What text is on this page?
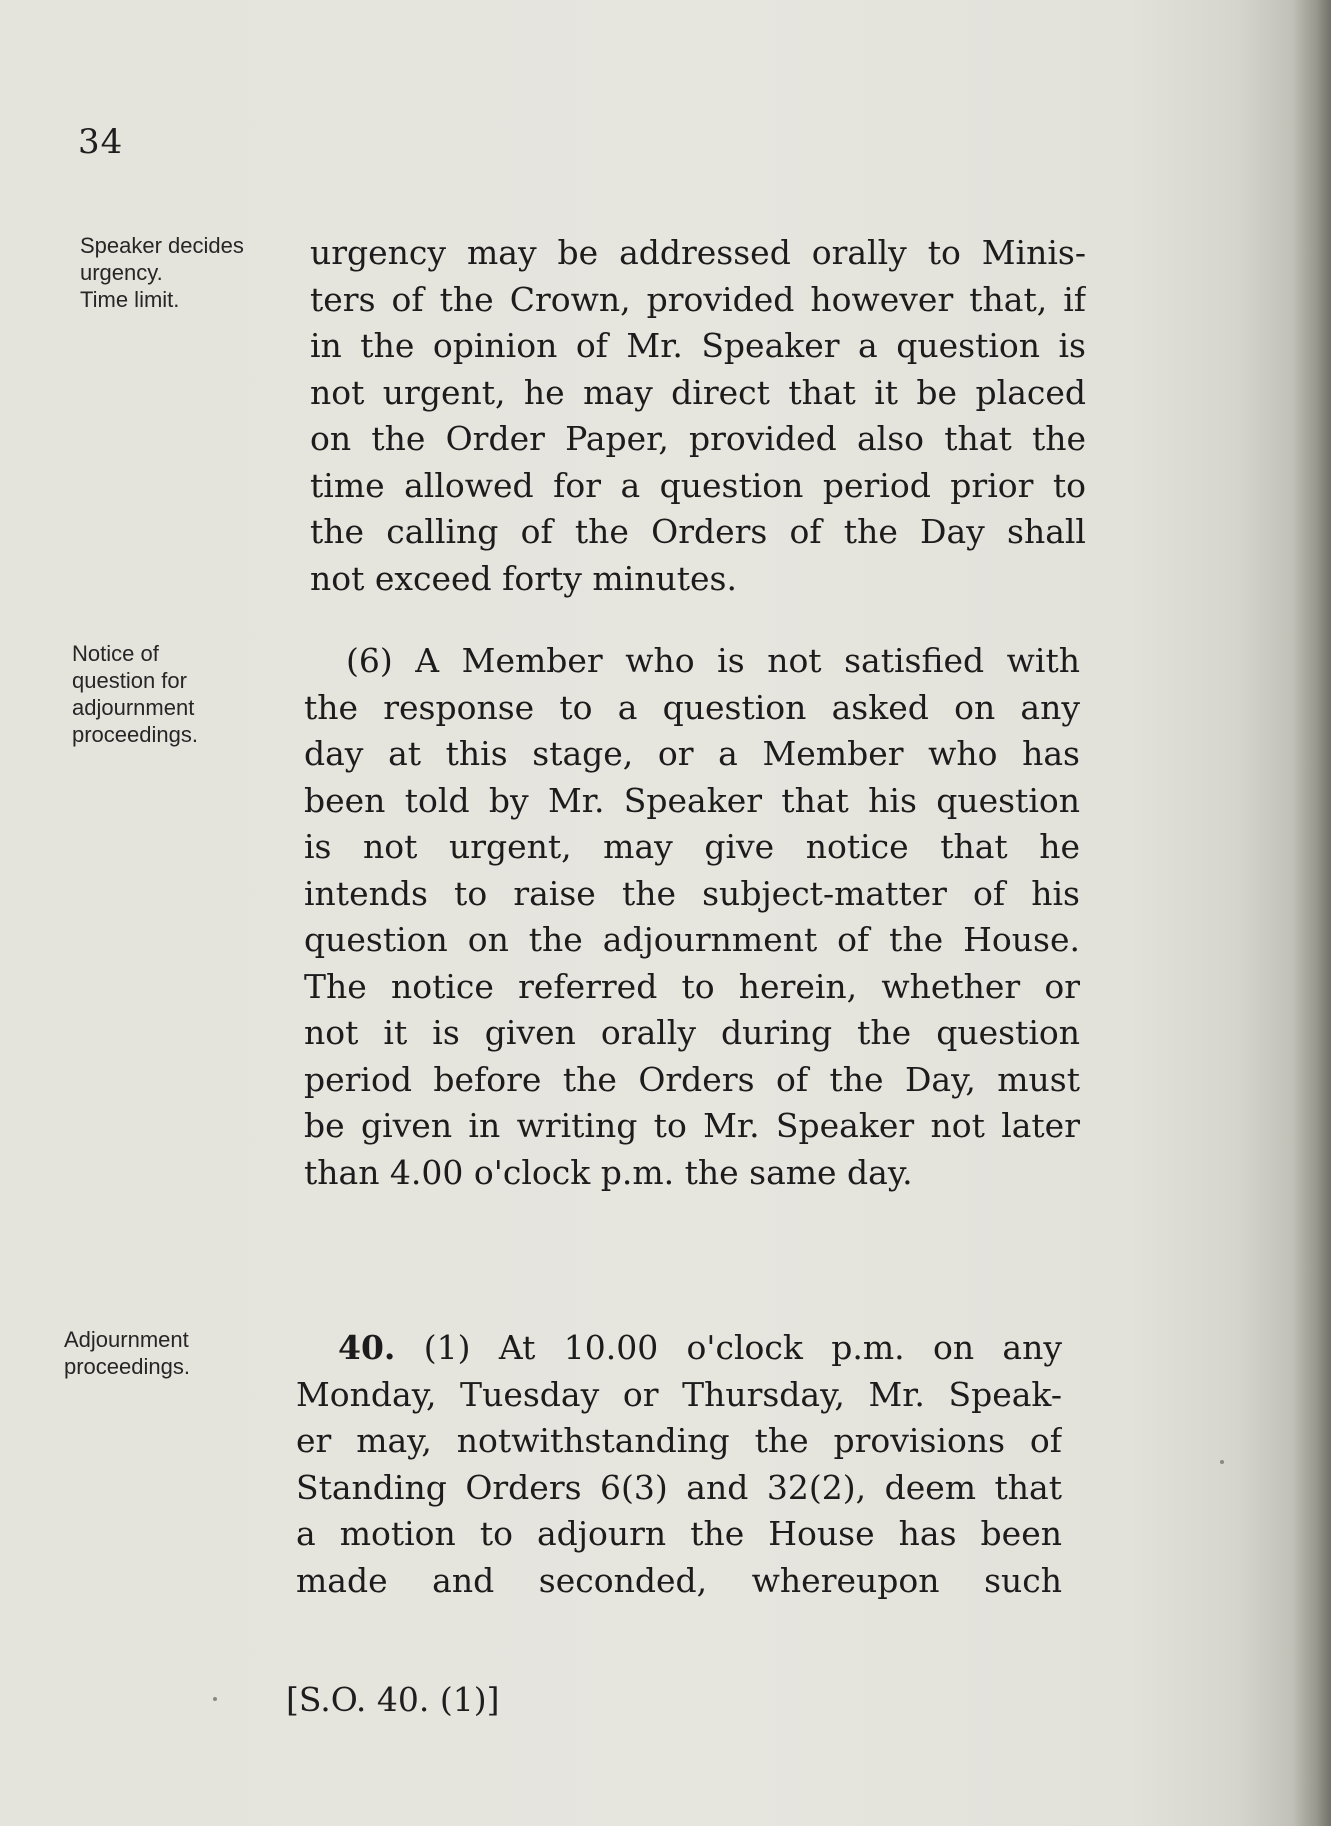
34
Speaker decides
urgency.
Time limit.
Notice of
question for
adjournment
proceedings.
Adjournment
proceedings.
urgency may be addressed orally to Minis-
ters of the Crown, provided however that, if
in the opinion of Mr. Speaker a question is
not urgent, he may direct that it be placed
on the Order Paper, provided also that the
time allowed for a question period prior to
the calling of the Orders of the Day shall
not exceed forty minutes.
(6) A Member who is not satisfied with
the response to a question asked on any
day at this stage, or a Member who has
been told by Mr. Speaker that his question
is not urgent, may give notice that he
intends to raise the subject-matter of his
question on the adjournment of the House.
The notice referred to herein, whether or
not it is given orally during the question
period before the Orders of the Day, must
be given in writing to Mr. Speaker not later
than 4.00 o'clock p.m. the same day.
40. (1) At 10.00 o'clock p.m. on any
Monday, Tuesday or Thursday, Mr. Speak-
er may, notwithstanding the provisions of
Standing Orders 6(3) and 32(2), deem that
a motion to adjourn the House has been
made and seconded, whereupon such
[S.O. 40. (1)]
